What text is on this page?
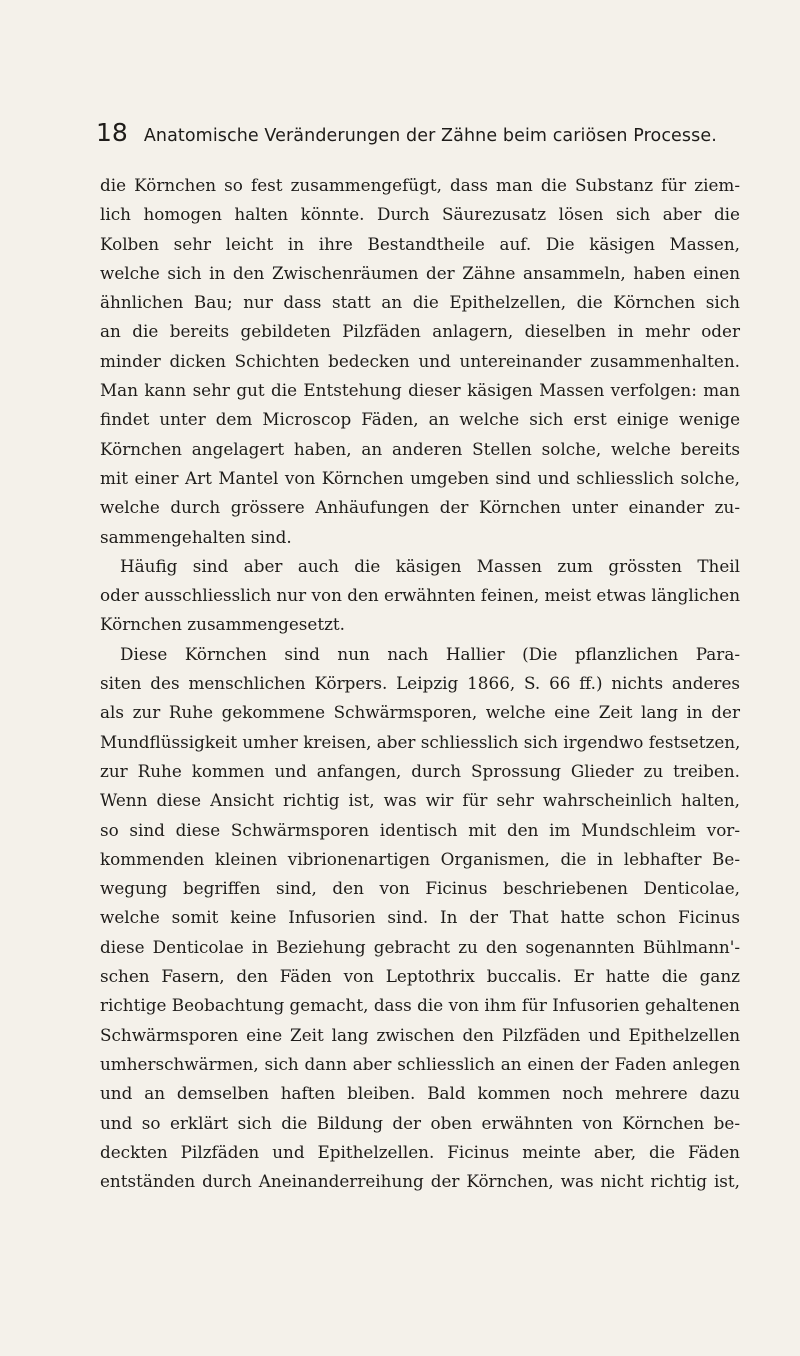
18 Anatomische Veränderungen der Zähne beim cariösen Processe.
die Körnchen so fest zusammengefügt, dass man die Substanz für ziem-
lich homogen halten könnte. Durch Säurezusatz lösen sich aber die
Kolben sehr leicht in ihre Bestandtheile auf. Die käsigen Massen,
welche sich in den Zwischenräumen der Zähne ansammeln, haben einen
ähnlichen Bau; nur dass statt an die Epithelzellen, die Körnchen sich
an die bereits gebildeten Pilzfäden anlagern, dieselben in mehr oder
minder dicken Schichten bedecken und untereinander zusammenhalten.
Man kann sehr gut die Entstehung dieser käsigen Massen verfolgen: man
findet unter dem Microscop Fäden, an welche sich erst einige wenige
Körnchen angelagert haben, an anderen Stellen solche, welche bereits
mit einer Art Mantel von Körnchen umgeben sind und schliesslich solche,
welche durch grössere Anhäufungen der Körnchen unter einander zu-
sammengehalten sind.
Häufig sind aber auch die käsigen Massen zum grössten Theil
oder ausschliesslich nur von den erwähnten feinen, meist etwas länglichen
Körnchen zusammengesetzt.
Diese Körnchen sind nun nach Hallier (Die pflanzlichen Para-
siten des menschlichen Körpers. Leipzig 1866, S. 66 ff.) nichts anderes
als zur Ruhe gekommene Schwärmsporen, welche eine Zeit lang in der
Mundflüssigkeit umher kreisen, aber schliesslich sich irgendwo festsetzen,
zur Ruhe kommen und anfangen, durch Sprossung Glieder zu treiben.
Wenn diese Ansicht richtig ist, was wir für sehr wahrscheinlich halten,
so sind diese Schwärmsporen identisch mit den im Mundschleim vor-
kommenden kleinen vibrionenartigen Organismen, die in lebhafter Be-
wegung begriffen sind, den von Ficinus beschriebenen Denticolae,
welche somit keine Infusorien sind. In der That hatte schon Ficinus
diese Denticolae in Beziehung gebracht zu den sogenannten Bühlmann'-
schen Fasern, den Fäden von Leptothrix buccalis. Er hatte die ganz
richtige Beobachtung gemacht, dass die von ihm für Infusorien gehaltenen
Schwärmsporen eine Zeit lang zwischen den Pilzfäden und Epithelzellen
umherschwärmen, sich dann aber schliesslich an einen der Faden anlegen
und an demselben haften bleiben. Bald kommen noch mehrere dazu
und so erklärt sich die Bildung der oben erwähnten von Körnchen be-
deckten Pilzfäden und Epithelzellen. Ficinus meinte aber, die Fäden
entständen durch Aneinanderreihung der Körnchen, was nicht richtig ist,
